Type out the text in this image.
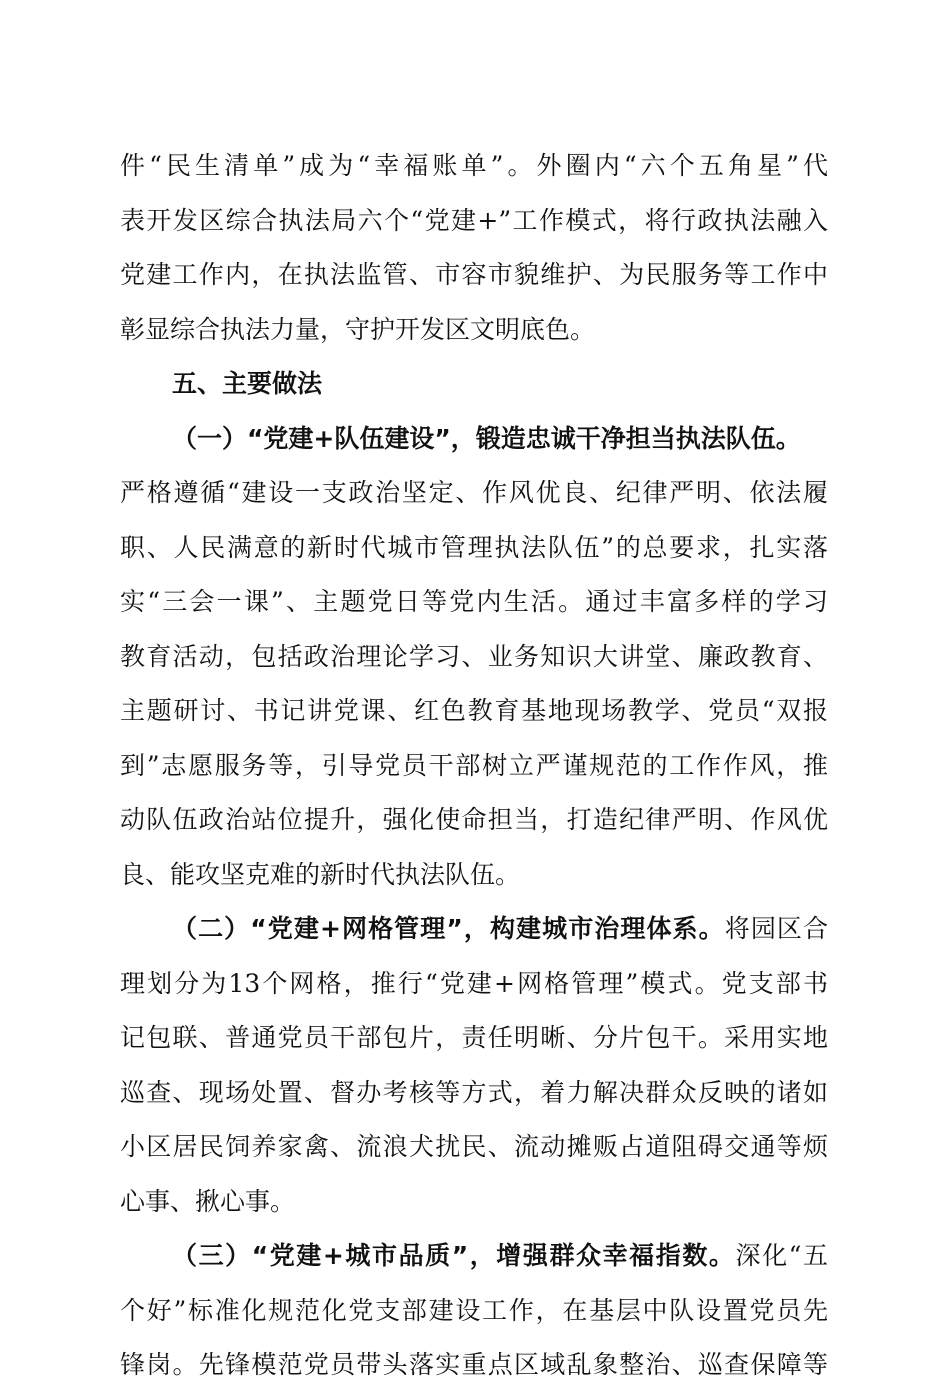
件“民生清单”成为“幸福账单”。外圈内“六个五角星”代
表开发区综合执法局六个“党建+”工作模式，将行政执法融入
党建工作内，在执法监管、市容市貌维护、为民服务等工作中
彰显综合执法力量，守护开发区文明底色。
五、主要做法
（一）“党建+队伍建设”，锻造忠诚干净担当执法队伍。
严格遵循“建设一支政治坚定、作风优良、纪律严明、依法履
职、人民满意的新时代城市管理执法队伍”的总要求，扎实落
实“三会一课”、主题党日等党内生活。通过丰富多样的学习
教育活动，包括政治理论学习、业务知识大讲堂、廉政教育、
主题研讨、书记讲党课、红色教育基地现场教学、党员“双报
到”志愿服务等，引导党员干部树立严谨规范的工作作风，推
动队伍政治站位提升，强化使命担当，打造纪律严明、作风优
良、能攻坚克难的新时代执法队伍。
（二）“党建+网格管理”，构建城市治理体系。将园区合
理划分为13个网格，推行“党建+网格管理”模式。党支部书
记包联、普通党员干部包片，责任明晰、分片包干。采用实地
巡查、现场处置、督办考核等方式，着力解决群众反映的诸如
小区居民饲养家禽、流浪犬扰民、流动摊贩占道阻碍交通等烦
心事、揪心事。
（三）“党建+城市品质”，增强群众幸福指数。深化“五
个好”标准化规范化党支部建设工作，在基层中队设置党员先
锋岗。先锋模范党员带头落实重点区域乱象整治、巡查保障等
